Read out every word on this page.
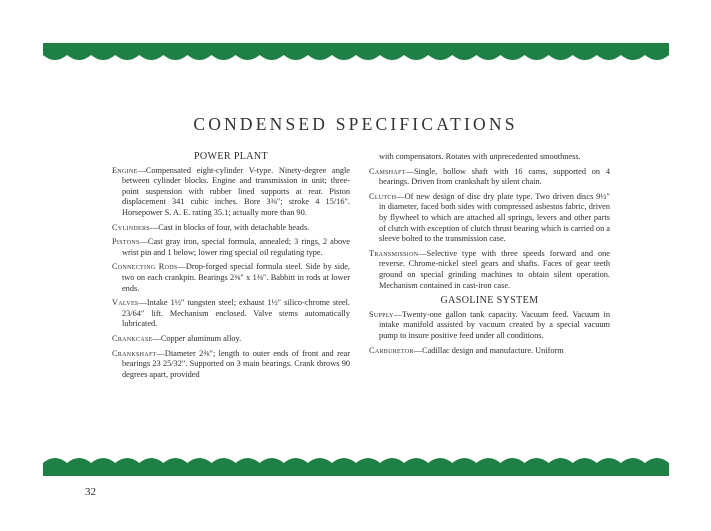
CONDENSED SPECIFICATIONS
POWER PLANT

Engine—Compensated eight-cylinder V-type. Ninety-degree angle between cylinder blocks. Engine and transmission in unit; three-point suspension with rubber lined supports at rear. Piston displacement 341 cubic inches. Bore 3⅜″; stroke 4 15/16″. Horsepower S. A. E. rating 35.1; actually more than 90.

Cylinders—Cast in blocks of four, with detachable heads.

Pistons—Cast gray iron, special formula, annealed; 3 rings, 2 above wrist pin and 1 below; lower ring special oil regulating type.

Connecting Rods—Drop-forged special formula steel. Side by side, two on each crankpin. Bearings 2⅜″ x 1⅜″. Babbitt in rods at lower ends.

Valves—Intake 1½″ tungsten steel; exhaust 1½″ silico-chrome steel. 23/64″ lift. Mechanism enclosed. Valve stems automatically lubricated.

Crankcase—Copper aluminum alloy.

Crankshaft—Diameter 2⅜″; length to outer ends of front and rear bearings 23 25/32″. Supported on 3 main bearings. Crank throws 90 degrees apart, provided

with compensators. Rotates with unprecedented smoothness.

Camshaft—Single, hollow shaft with 16 cams, supported on 4 bearings. Driven from crankshaft by silent chain.

Clutch—Of new design of disc dry plate type. Two driven discs 9½″ in diameter, faced both sides with compressed asbestos fabric, driven by flywheel to which are attached all springs, levers and other parts of clutch with exception of clutch thrust bearing which is carried on a sleeve bolted to the transmission case.

Transmission—Selective type with three speeds forward and one reverse. Chrome-nickel steel gears and shafts. Faces of gear teeth ground on special grinding machines to obtain silent operation. Mechanism contained in cast-iron case.

GASOLINE SYSTEM

Supply—Twenty-one gallon tank capacity. Vacuum feed. Vacuum in intake manifold assisted by vacuum created by a special vacuum pump to insure positive feed under all conditions.

Carburetor—Cadillac design and manufacture. Uniform

32
